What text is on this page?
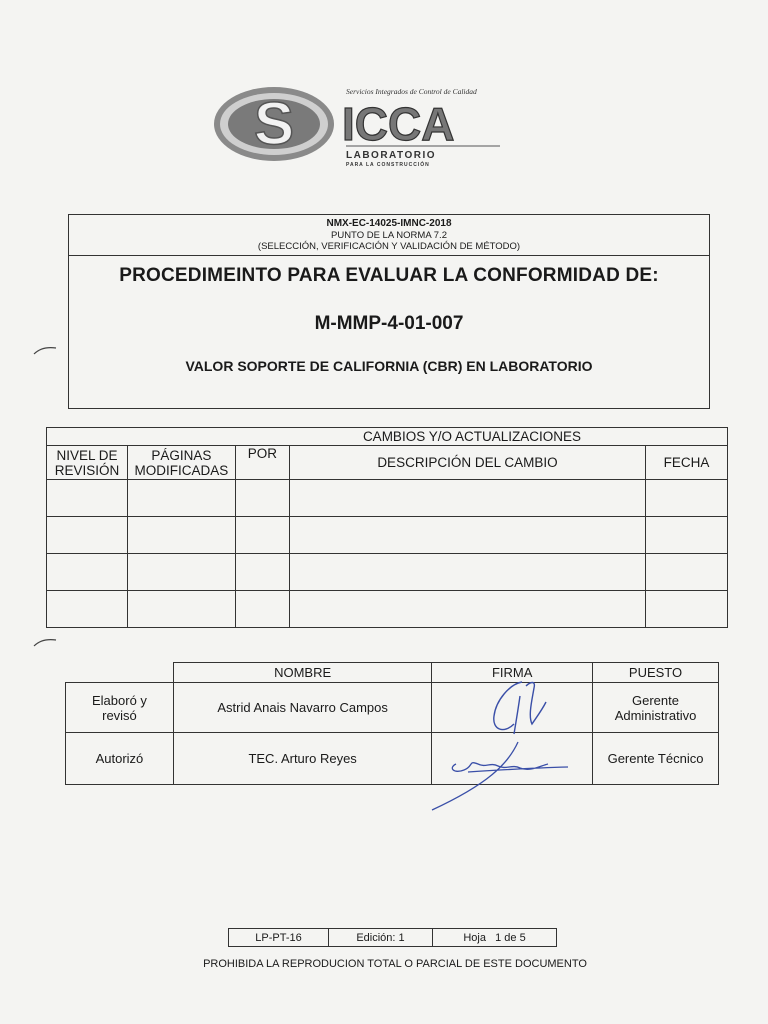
S	Servicios Integrados de Control de Calidad
ICCA
LABORATORIO
PARA LA CONSTRUCCIÓN
NMX-EC-14025-IMNC-2018
PUNTO DE LA NORMA 7.2
(SELECCIÓN, VERIFICACIÓN Y VALIDACIÓN DE MÉTODO)
PROCEDIMEINTO PARA EVALUAR LA CONFORMIDAD DE:
M-MMP-4-01-007
VALOR SOPORTE DE CALIFORNIA (CBR) EN LABORATORIO
CAMBIOS Y/O ACTUALIZACIONES				
NIVEL DE REVISIÓN	PÁGINAS MODIFICADAS	POR	DESCRIPCIÓN DEL CAMBIO	FECHA

	NOMBRE	FIRMA	PUESTO
Elaboró y revisó	Astrid Anais Navarro Campos		Gerente Administrativo
Autorizó	TEC. Arturo Reyes		Gerente Técnico
LP-PT-16	Edición: 1	Hoja   1 de 5
PROHIBIDA LA REPRODUCION TOTAL O PARCIAL DE ESTE DOCUMENTO
